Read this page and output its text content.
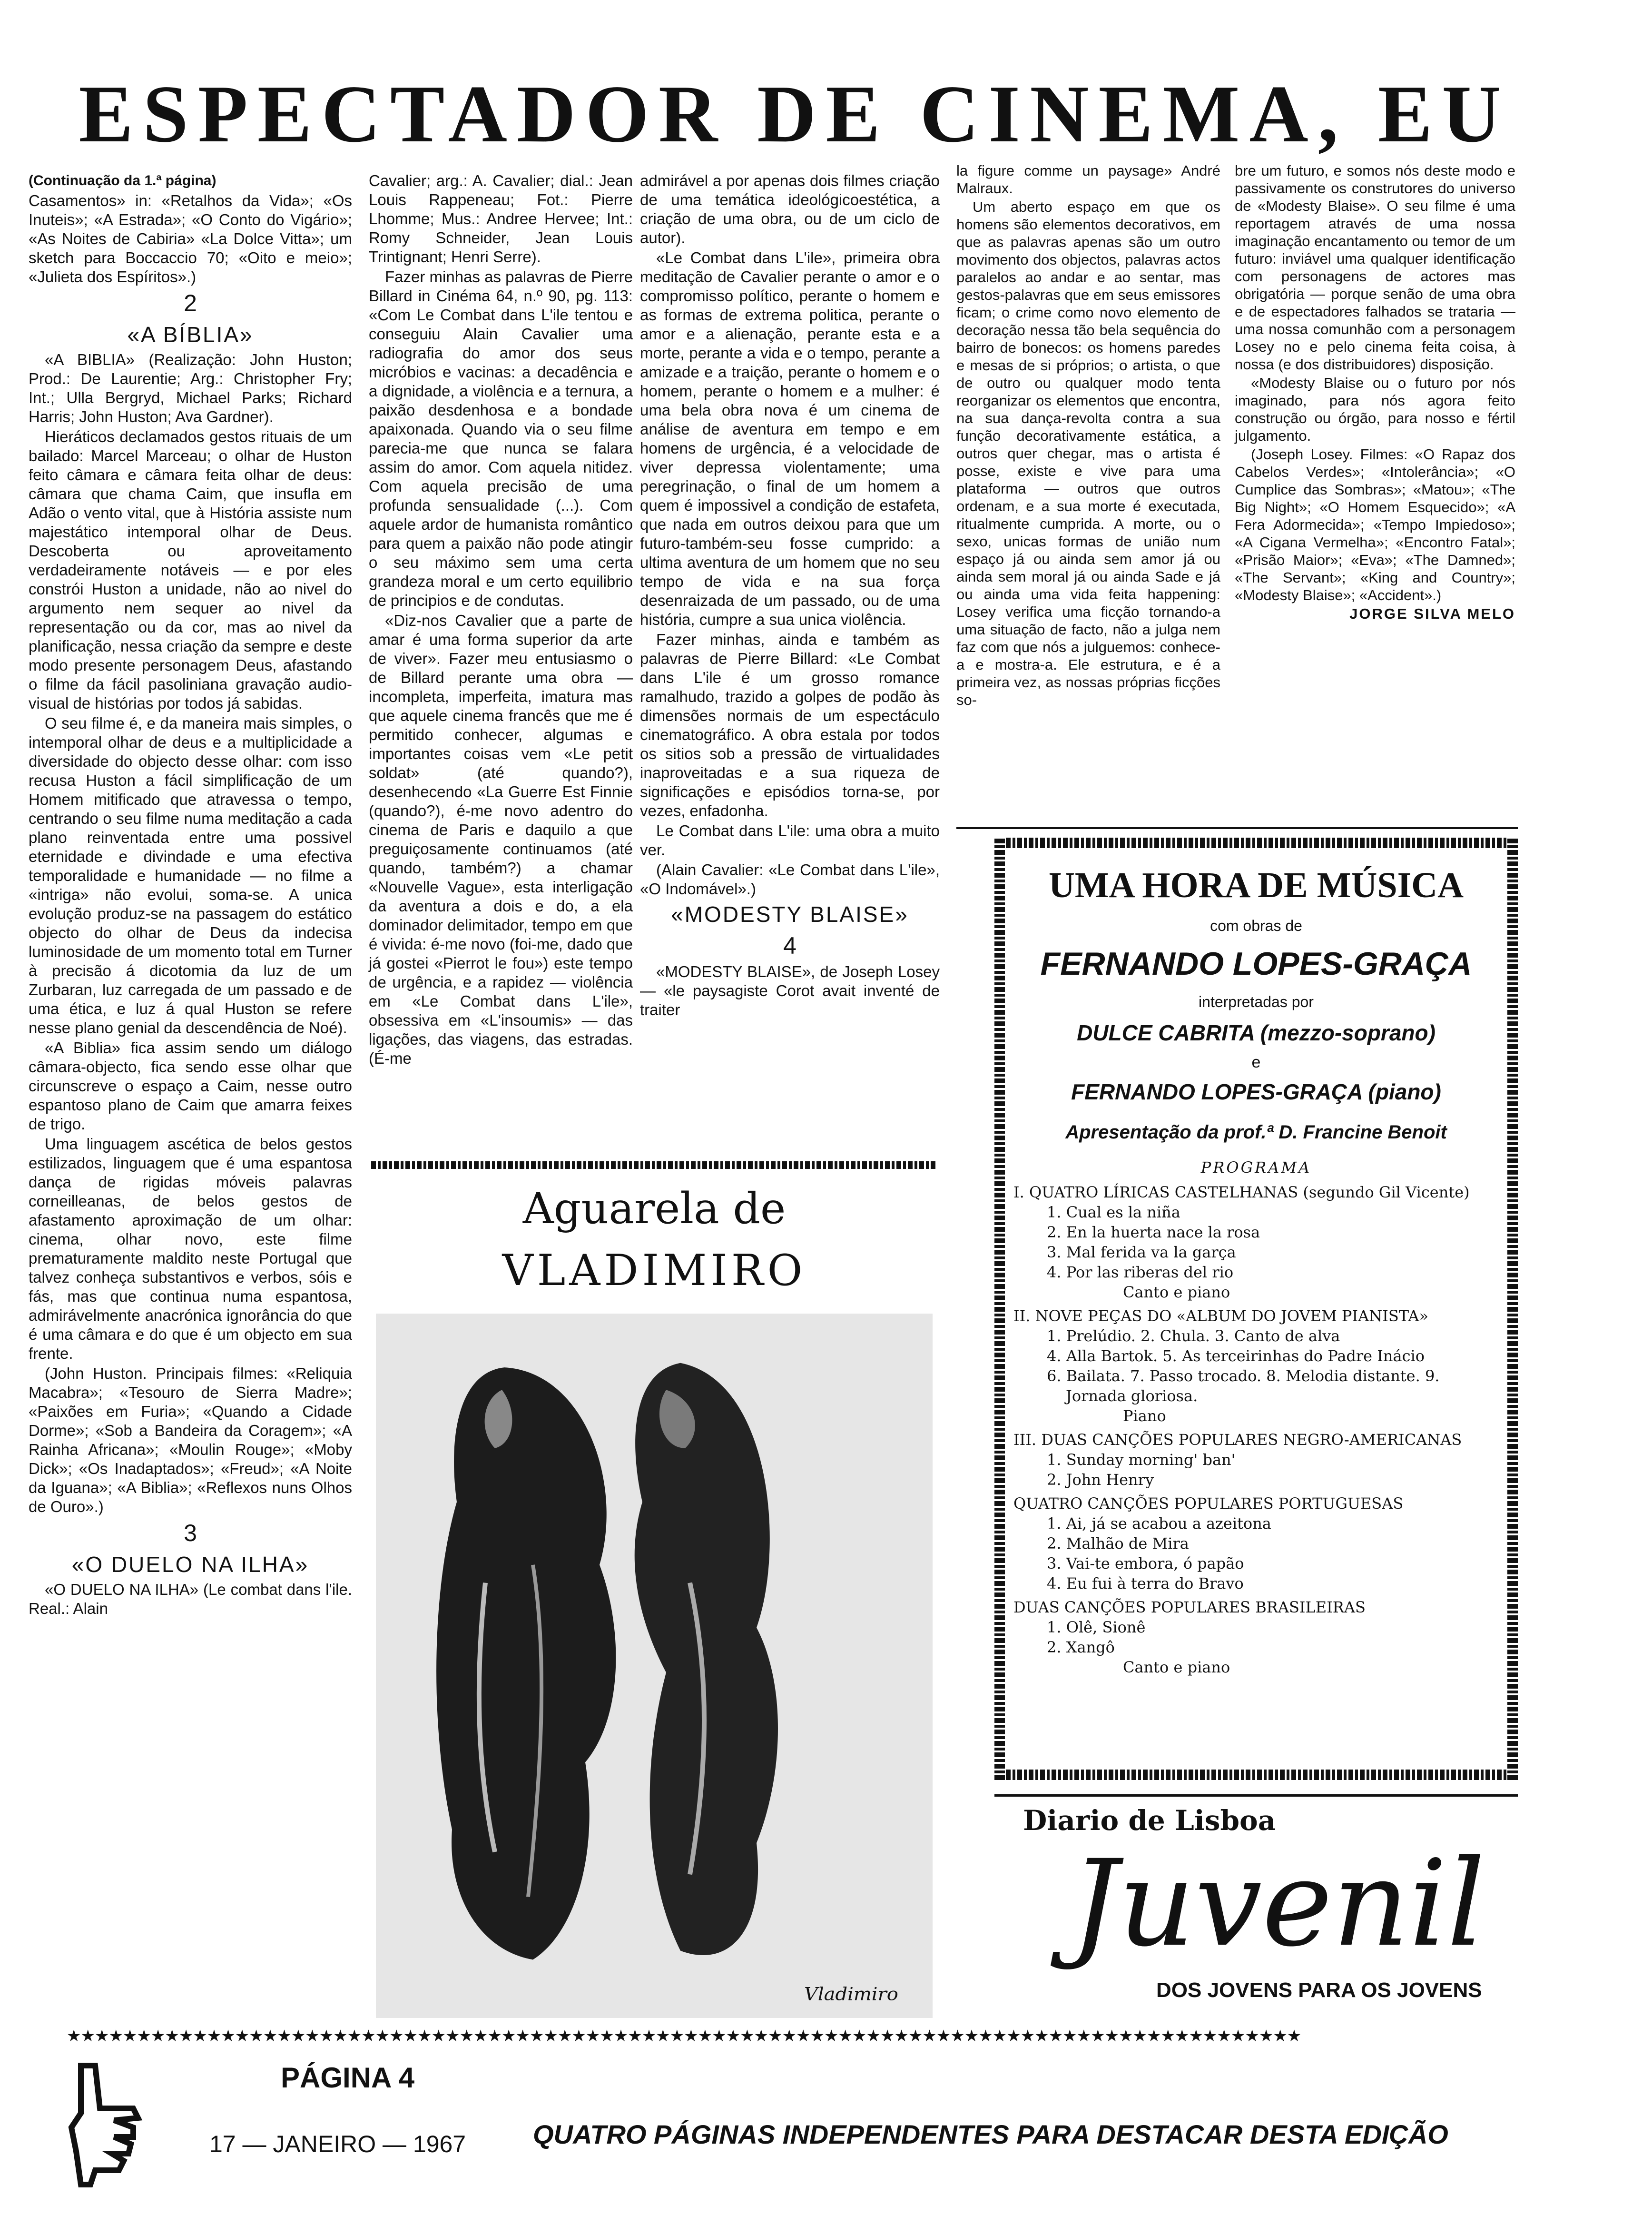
ESPECTADOR DE CINEMA, EU

(Continuação da 1.ª página)

Casamentos» in: «Retalhos da Vida»; «Os Inuteis»; «A Estrada»; «O Conto do Vigário»; «As Noites de Cabiria» «La Dolce Vitta»; um sketch para Boccaccio 70; «Oito e meio»; «Julieta dos Espíritos».)

2

«A BÍBLIA»

«A BIBLIA» (Realização: John Huston; Prod.: De Laurentie; Arg.: Christopher Fry; Int.; Ulla Bergryd, Michael Parks; Richard Harris; John Huston; Ava Gardner).

Hieráticos declamados gestos rituais de um bailado: Marcel Marceau; o olhar de Huston feito câmara e câmara feita olhar de deus: câmara que chama Caim, que insufla em Adão o vento vital, que à História assiste num majestático intemporal olhar de Deus. Descoberta ou aproveitamento verdadeiramente notáveis — e por eles constrói Huston a unidade, não ao nivel do argumento nem sequer ao nivel da representação ou da cor, mas ao nivel da planificação, nessa criação da sempre e deste modo presente personagem Deus, afastando o filme da fácil pasoliniana gravação audio-visual de histórias por todos já sabidas.

O seu filme é, e da maneira mais simples, o intemporal olhar de deus e a multiplicidade a diversidade do objecto desse olhar: com isso recusa Huston a fácil simplificação de um Homem mitificado que atravessa o tempo, centrando o seu filme numa meditação a cada plano reinventada entre uma possivel eternidade e divindade e uma efectiva temporalidade e humanidade — no filme a «intriga» não evolui, soma-se. A unica evolução produz-se na passagem do estático objecto do olhar de Deus da indecisa luminosidade de um momento total em Turner à precisão á dicotomia da luz de um Zurbaran, luz carregada de um passado e de uma ética, e luz á qual Huston se refere nesse plano genial da descendência de Noé).

«A Biblia» fica assim sendo um diálogo câmara-objecto, fica sendo esse olhar que circunscreve o espaço a Caim, nesse outro espantoso plano de Caim que amarra feixes de trigo.

Uma linguagem ascética de belos gestos estilizados, linguagem que é uma espantosa dança de rigidas móveis palavras corneilleanas, de belos gestos de afastamento aproximação de um olhar: cinema, olhar novo, este filme prematuramente maldito neste Portugal que talvez conheça substantivos e verbos, sóis e fás, mas que continua numa espantosa, admirávelmente anacrónica ignorância do que é uma câmara e do que é um objecto em sua frente.

(John Huston. Principais filmes: «Reliquia Macabra»; «Tesouro de Sierra Madre»; «Paixões em Furia»; «Quando a Cidade Dorme»; «Sob a Bandeira da Coragem»; «A Rainha Africana»; «Moulin Rouge»; «Moby Dick»; «Os Inadaptados»; «Freud»; «A Noite da Iguana»; «A Biblia»; «Reflexos nuns Olhos de Ouro».)

3

«O DUELO NA ILHA»

«O DUELO NA ILHA» (Le combat dans l'ile. Real.: Alain

Cavalier; arg.: A. Cavalier; dial.: Jean Louis Rappeneau; Fot.: Pierre Lhomme; Mus.: Andree Hervee; Int.: Romy Schneider, Jean Louis Trintignant; Henri Serre).

Fazer minhas as palavras de Pierre Billard in Cinéma 64, n.º 90, pg. 113: «Com Le Combat dans L'ile tentou e conseguiu Alain Cavalier uma radiografia do amor dos seus micróbios e vacinas: a decadência e a dignidade, a violência e a ternura, a paixão desdenhosa e a bondade apaixonada. Quando via o seu filme parecia-me que nunca se falara assim do amor. Com aquela nitidez. Com aquela precisão de uma profunda sensualidade (...). Com aquele ardor de humanista romântico para quem a paixão não pode atingir o seu máximo sem uma certa grandeza moral e um certo equilibrio de principios e de condutas.

«Diz-nos Cavalier que a parte de amar é uma forma superior da arte de viver». Fazer meu entusiasmo o de Billard perante uma obra — incompleta, imperfeita, imatura mas que aquele cinema francês que me é permitido conhecer, algumas e importantes coisas vem «Le petit soldat» (até quando?), desenhecendo «La Guerre Est Finnie (quando?), é-me novo adentro do cinema de Paris e daquilo a que preguiçosamente continuamos (até quando, também?) a chamar «Nouvelle Vague», esta interligação da aventura a dois e do, a ela dominador delimitador, tempo em que é vivida: é-me novo (foi-me, dado que já gostei «Pierrot le fou») este tempo de urgência, e a rapidez — violência em «Le Combat dans L'ile», obsessiva em «L'insoumis» — das ligações, das viagens, das estradas. (É-me

admirável a por apenas dois filmes criação de uma temática ideológicoestética, a criação de uma obra, ou de um ciclo de autor).

«Le Combat dans L'ile», primeira obra meditação de Cavalier perante o amor e o compromisso político, perante o homem e as formas de extrema politica, perante o amor e a alienação, perante esta e a morte, perante a vida e o tempo, perante a amizade e a traição, perante o homem e o homem, perante o homem e a mulher: é uma bela obra nova é um cinema de análise de aventura em tempo e em homens de urgência, é a velocidade de viver depressa violentamente; uma peregrinação, o final de um homem a quem é impossivel a condição de estafeta, que nada em outros deixou para que um futuro-também-seu fosse cumprido: a ultima aventura de um homem que no seu tempo de vida e na sua força desenraizada de um passado, ou de uma história, cumpre a sua unica violência.

Fazer minhas, ainda e também as palavras de Pierre Billard: «Le Combat dans L'ile é um grosso romance ramalhudo, trazido a golpes de podão às dimensões normais de um espectáculo cinematográfico. A obra estala por todos os sitios sob a pressão de virtualidades inaproveitadas e a sua riqueza de significações e episódios torna-se, por vezes, enfadonha.

Le Combat dans L'ile: uma obra a muito ver.

(Alain Cavalier: «Le Combat dans L'ile», «O Indomável».)

«MODESTY BLAISE»

4

«MODESTY BLAISE», de Joseph Losey — «le paysagiste Corot avait inventé de traiter

la figure comme un paysage» André Malraux.

Um aberto espaço em que os homens são elementos decorativos, em que as palavras apenas são um outro movimento dos objectos, palavras actos paralelos ao andar e ao sentar, mas gestos-palavras que em seus emissores ficam; o crime como novo elemento de decoração nessa tão bela sequência do bairro de bonecos: os homens paredes e mesas de si próprios; o artista, o que de outro ou qualquer modo tenta reorganizar os elementos que encontra, na sua dança-revolta contra a sua função decorativamente estática, a outros quer chegar, mas o artista é posse, existe e vive para uma plataforma — outros que outros ordenam, e a sua morte é executada, ritualmente cumprida. A morte, ou o sexo, unicas formas de união num espaço já ou ainda sem amor já ou ainda sem moral já ou ainda Sade e já ou ainda uma vida feita happening: Losey verifica uma ficção tornando-a uma situação de facto, não a julga nem faz com que nós a julguemos: conhece-a e mostra-a. Ele estrutura, e é a primeira vez, as nossas próprias ficções so-

bre um futuro, e somos nós deste modo e passivamente os construtores do universo de «Modesty Blaise». O seu filme é uma reportagem através de uma nossa imaginação encantamento ou temor de um futuro: inviável uma qualquer identificação com personagens de actores mas obrigatória — porque senão de uma obra e de espectadores falhados se trataria — uma nossa comunhão com a personagem Losey no e pelo cinema feita coisa, à nossa (e dos distribuidores) disposição.

«Modesty Blaise ou o futuro por nós imaginado, para nós agora feito construção ou órgão, para nosso e fértil julgamento.

(Joseph Losey. Filmes: «O Rapaz dos Cabelos Verdes»; «Intolerância»; «O Cumplice das Sombras»; «Matou»; «The Big Night»; «O Homem Esquecido»; «A Fera Adormecida»; «Tempo Impiedoso»; «A Cigana Vermelha»; «Encontro Fatal»; «Prisão Maior»; «Eva»; «The Damned»; «The Servant»; «King and Country»; «Modesty Blaise»; «Accident».)

JORGE SILVA MELO

Aguarela de
VLADIMIRO
Vladimiro
UMA HORA DE MÚSICA
com obras de
FERNANDO LOPES-GRAÇA
interpretadas por
DULCE CABRITA (mezzo-soprano)
e
FERNANDO LOPES-GRAÇA (piano)
Apresentação da prof.ª D. Francine Benoit
PROGRAMA
I. QUATRO LÍRICAS CASTELHANAS (segundo Gil Vicente)
1. Cual es la niña
2. En la huerta nace la rosa
3. Mal ferida va la garça
4. Por las riberas del rio
Canto e piano
II. NOVE PEÇAS DO «ALBUM DO JOVEM PIANISTA»
1. Prelúdio. 2. Chula. 3. Canto de alva
4. Alla Bartok. 5. As terceirinhas do Padre Inácio
6. Bailata. 7. Passo trocado. 8. Melodia distante. 9. Jornada gloriosa.
Piano
III. DUAS CANÇÕES POPULARES NEGRO-AMERICANAS
1. Sunday morning' ban'
2. John Henry
QUATRO CANÇÕES POPULARES PORTUGUESAS
1. Ai, já se acabou a azeitona
2. Malhão de Mira
3. Vai-te embora, ó papão
4. Eu fui à terra do Bravo
DUAS CANÇÕES POPULARES BRASILEIRAS
1. Olê, Sionê
2. Xangô
Canto e piano
Diario de Lisboa
Juvenil
DOS JOVENS PARA OS JOVENS
★★★★★★★★★★★★★★★★★★★★★★★★★★★★★★★★★★★★★★★★★★★★★★★★★★★★★★★★★★★★★★★★★★★★★★★★★★★★★★★★★★★★★★★★
PÁGINA 4
17 — JANEIRO — 1967	QUATRO PÁGINAS INDEPENDENTES PARA DESTACAR DESTA EDIÇÃO
